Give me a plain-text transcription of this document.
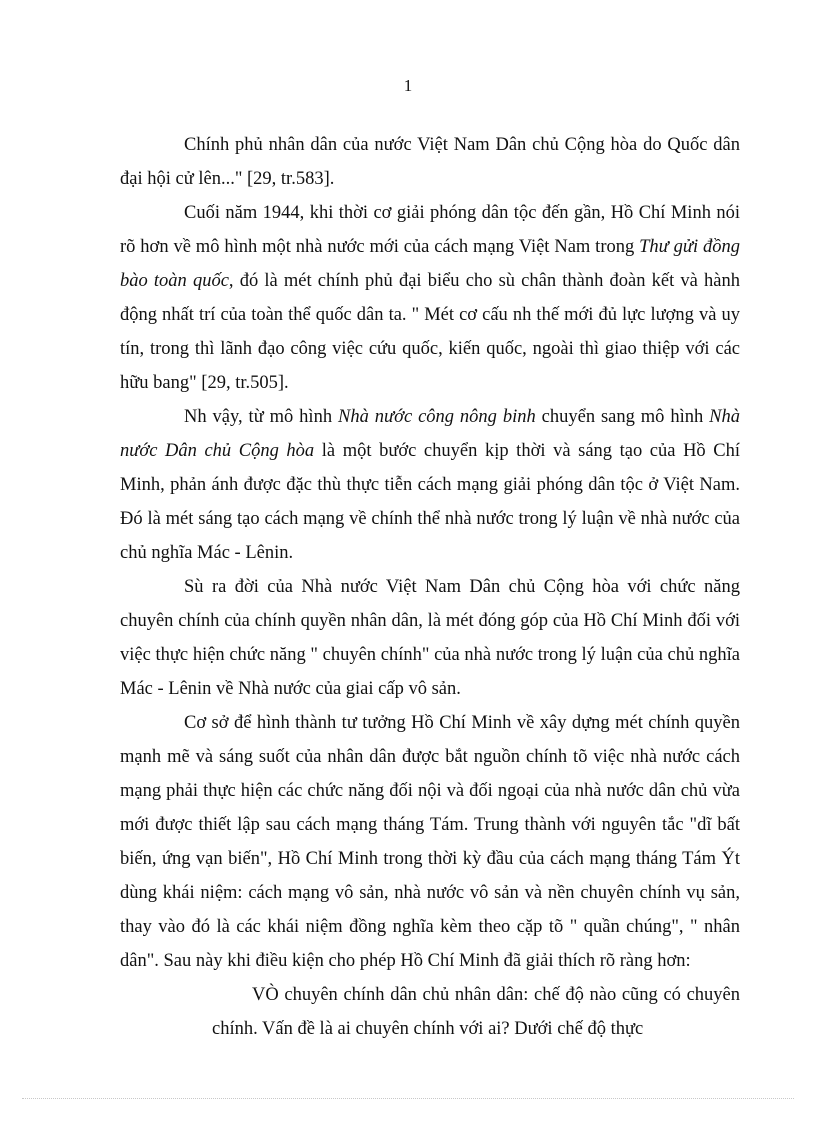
1

Chính phủ nhân dân của nước Việt Nam Dân chủ Cộng hòa do Quốc dân đại hội cử lên..." [29, tr.583].

Cuối năm 1944, khi thời cơ giải phóng dân tộc đến gần, Hồ Chí Minh nói rõ hơn về mô hình một nhà nước mới của cách mạng Việt Nam trong Thư gửi đồng bào toàn quốc, đó là mét chính phủ đại biểu cho sù chân thành đoàn kết và hành động nhất trí của toàn thể quốc dân ta. " Mét cơ cấu nh thế mới đủ lực lượng và uy tín, trong thì lãnh đạo công việc cứu quốc, kiến quốc, ngoài thì giao thiệp với các hữu bang" [29, tr.505].

Nh vậy, từ mô hình Nhà nước công nông binh chuyển sang mô hình Nhà nước Dân chủ Cộng hòa là một bước chuyển kịp thời và sáng tạo của Hồ Chí Minh, phản ánh được đặc thù thực tiễn cách mạng giải phóng dân tộc ở Việt Nam. Đó là mét sáng tạo cách mạng về chính thể nhà nước trong lý luận về nhà nước của chủ nghĩa Mác - Lênin.

Sù ra đời của Nhà nước Việt Nam Dân chủ Cộng hòa với chức năng chuyên chính của chính quyền nhân dân, là mét đóng góp của Hồ Chí Minh đối với việc thực hiện chức năng " chuyên chính" của nhà nước trong lý luận của chủ nghĩa Mác - Lênin về Nhà nước của giai cấp vô sản.

Cơ sở để hình thành tư tưởng Hồ Chí Minh về xây dựng mét chính quyền mạnh mẽ và sáng suốt của nhân dân được bắt nguồn chính tõ việc nhà nước cách mạng phải thực hiện các chức năng đối nội và đối ngoại của nhà nước dân chủ vừa mới được thiết lập sau cách mạng tháng Tám. Trung thành với nguyên tắc "dĩ bất biến, ứng vạn biến", Hồ Chí Minh trong thời kỳ đầu của cách mạng tháng Tám Ýt dùng khái niệm: cách mạng vô sản, nhà nước vô sản và nền chuyên chính vụ sản, thay vào đó là các khái niệm đồng nghĩa kèm theo cặp tõ " quần chúng", " nhân dân". Sau này khi điều kiện cho phép Hồ Chí Minh đã giải thích rõ ràng hơn:

VÒ chuyên chính dân chủ nhân dân: chế độ nào cũng có chuyên chính. Vấn đề là ai chuyên chính với ai? Dưới chế độ thực
